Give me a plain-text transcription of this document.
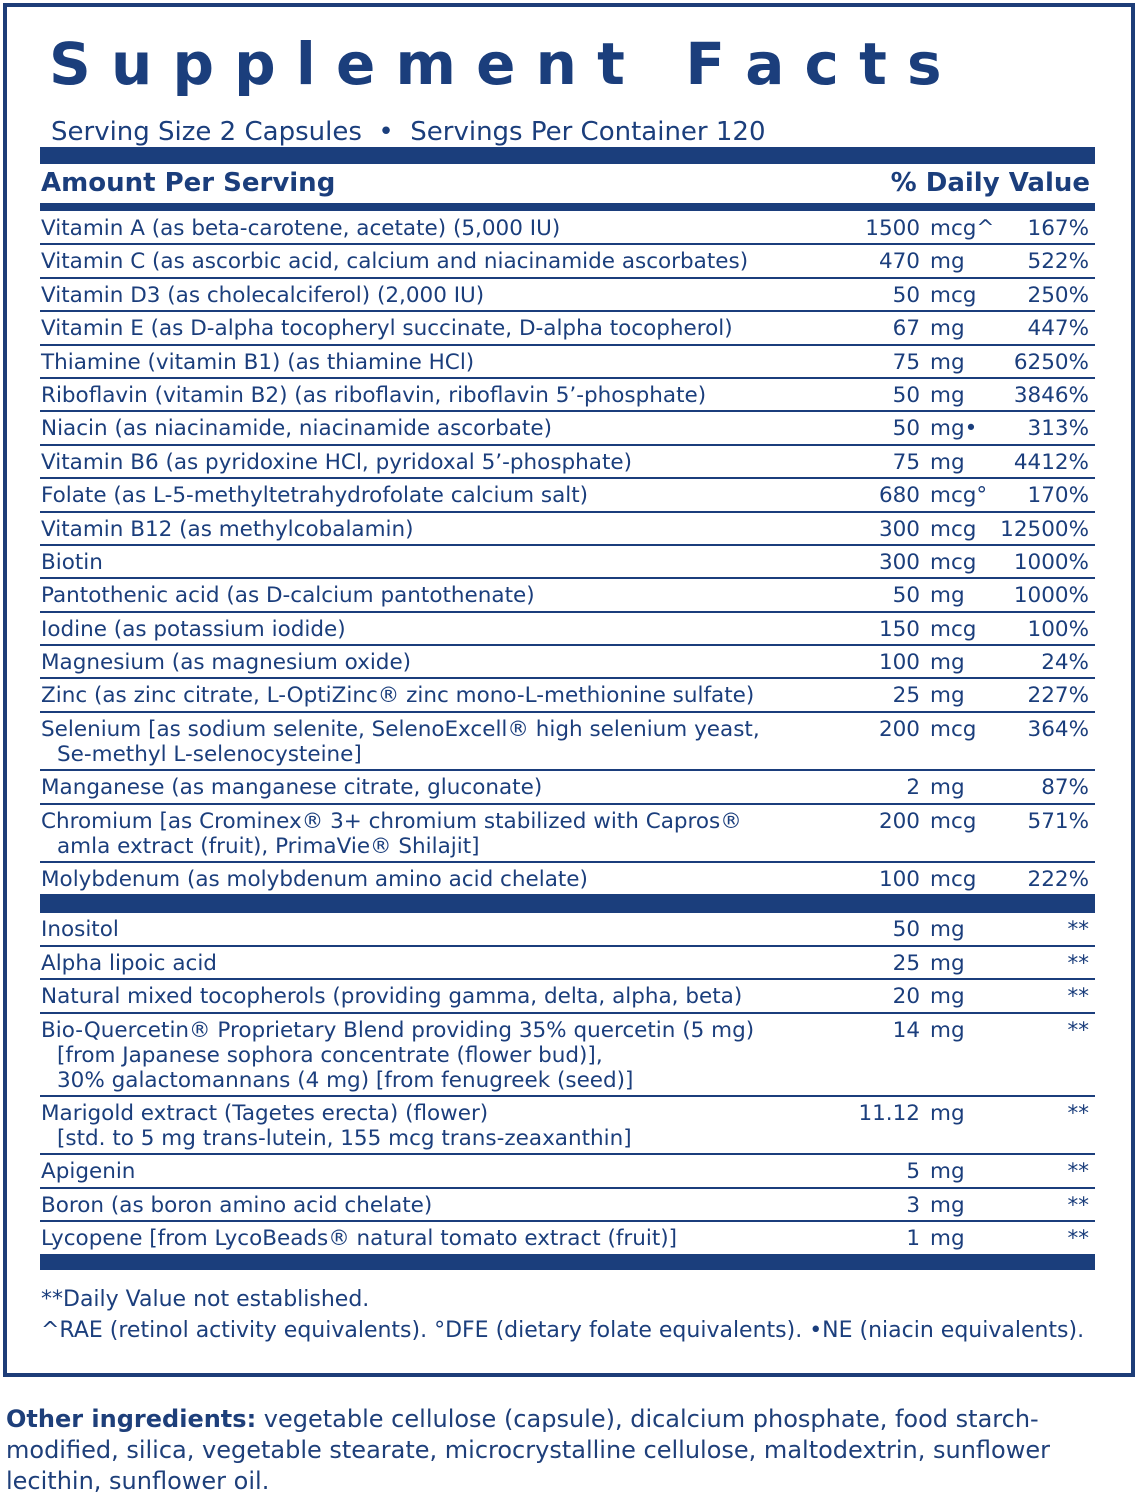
S u p p l e m e n t   F a c t s
Serving Size 2 Capsules  •  Servings Per Container 120
Amount Per Serving	% Daily Value
Vitamin A (as beta-carotene, acetate) (5,000 IU)	1500 mcg^ 167%
Vitamin C (as ascorbic acid, calcium and niacinamide ascorbates)	470 mg	522%
Vitamin D3 (as cholecalciferol) (2,000 IU)	50 mcg 250%
Vitamin E (as D-alpha tocopheryl succinate, D-alpha tocopherol)	67 mg	447%
Thiamine (vitamin B1) (as thiamine HCl)	75 mg 6250%
Riboflavin (vitamin B2) (as riboflavin, riboflavin 5’-phosphate)	50 mg 3846%
Niacin (as niacinamide, niacinamide ascorbate)	50 mg• 313%
Vitamin B6 (as pyridoxine HCl, pyridoxal 5’-phosphate)	75 mg 4412%
Folate (as L-5-methyltetrahydrofolate calcium salt)	680 mcg° 170%
Vitamin B12 (as methylcobalamin)	300 mcg 12500%
Biotin	300 mcg 1000%
Pantothenic acid (as D-calcium pantothenate)	50 mg 1000%
Iodine (as potassium iodide)	150 mcg 100%
Magnesium (as magnesium oxide)	100 mg	24%
Zinc (as zinc citrate, L-OptiZinc® zinc mono-L-methionine sulfate)	25 mg	227%
Selenium [as sodium selenite, SelenoExcell® high selenium yeast,
Se-methyl L-selenocysteine]
200 mcg 364%
Manganese (as manganese citrate, gluconate)	2 mg	87%
Chromium [as Crominex® 3+ chromium stabilized with Capros®
amla extract (fruit), PrimaVie® Shilajit]
200 mcg 571%
Molybdenum (as molybdenum amino acid chelate)	100 mcg 222%
Inositol	50 mg	**
Alpha lipoic acid	25 mg	**
Natural mixed tocopherols (providing gamma, delta, alpha, beta)	20 mg	**
Bio-Quercetin® Proprietary Blend providing 35% quercetin (5 mg)
[from Japanese sophora concentrate (flower bud)],
30% galactomannans (4 mg) [from fenugreek (seed)]
14 mg	**
Marigold extract (Tagetes erecta) (flower)
[std. to 5 mg trans-lutein, 155 mcg trans-zeaxanthin]
11.12 mg	**
Apigenin	5 mg	**
Boron (as boron amino acid chelate)	3 mg	**
Lycopene [from LycoBeads® natural tomato extract (fruit)]	1 mg	**
**Daily Value not established.
^RAE (retinol activity equivalents). °DFE (dietary folate equivalents). •NE (niacin equivalents).
Other ingredients: vegetable cellulose (capsule), dicalcium phosphate, food starch-modified, silica, vegetable stearate, microcrystalline cellulose, maltodextrin, sunflower lecithin, sunflower oil.
